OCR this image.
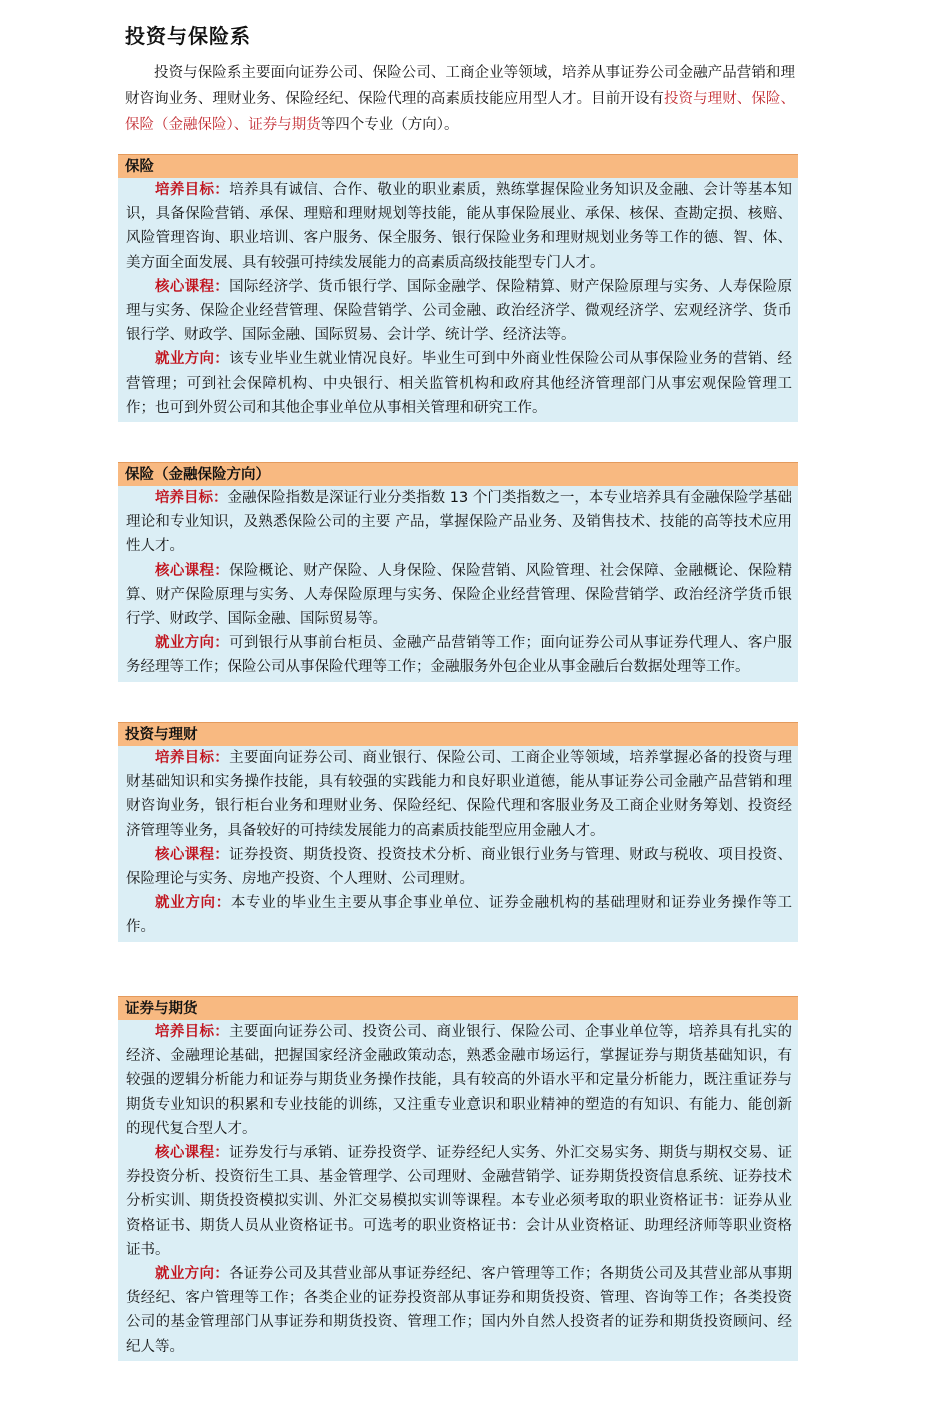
投资与保险系

投资与保险系主要面向证券公司、保险公司、工商企业等领域，培养从事证券公司金融产品营销和理财咨询业务、理财业务、保险经纪、保险代理的高素质技能应用型人才。目前开设有投资与理财、保险、保险（金融保险）、证券与期货等四个专业（方向）。

保险

培养目标：培养具有诚信、合作、敬业的职业素质，熟练掌握保险业务知识及金融、会计等基本知识，具备保险营销、承保、理赔和理财规划等技能，能从事保险展业、承保、核保、查勘定损、核赔、风险管理咨询、职业培训、客户服务、保全服务、银行保险业务和理财规划业务等工作的德、智、体、美方面全面发展、具有较强可持续发展能力的高素质高级技能型专门人才。

核心课程：国际经济学、货币银行学、国际金融学、保险精算、财产保险原理与实务、人寿保险原理与实务、保险企业经营管理、保险营销学、公司金融、政治经济学、微观经济学、宏观经济学、货币银行学、财政学、国际金融、国际贸易、会计学、统计学、经济法等。

就业方向：该专业毕业生就业情况良好。毕业生可到中外商业性保险公司从事保险业务的营销、经营管理；可到社会保障机构、中央银行、相关监管机构和政府其他经济管理部门从事宏观保险管理工作；也可到外贸公司和其他企事业单位从事相关管理和研究工作。

保险（金融保险方向）

培养目标：金融保险指数是深证行业分类指数 13 个门类指数之一，本专业培养具有金融保险学基础理论和专业知识，及熟悉保险公司的主要 产品，掌握保险产品业务、及销售技术、技能的高等技术应用性人才。

核心课程：保险概论、财产保险、人身保险、保险营销、风险管理、社会保障、金融概论、保险精算、财产保险原理与实务、人寿保险原理与实务、保险企业经营管理、保险营销学、政治经济学货币银行学、财政学、国际金融、国际贸易等。

就业方向：可到银行从事前台柜员、金融产品营销等工作；面向证券公司从事证券代理人、客户服务经理等工作；保险公司从事保险代理等工作；金融服务外包企业从事金融后台数据处理等工作。

投资与理财

培养目标：主要面向证券公司、商业银行、保险公司、工商企业等领域，培养掌握必备的投资与理财基础知识和实务操作技能，具有较强的实践能力和良好职业道德，能从事证券公司金融产品营销和理财咨询业务，银行柜台业务和理财业务、保险经纪、保险代理和客服业务及工商企业财务筹划、投资经济管理等业务，具备较好的可持续发展能力的高素质技能型应用金融人才。

核心课程：证券投资、期货投资、投资技术分析、商业银行业务与管理、财政与税收、项目投资、保险理论与实务、房地产投资、个人理财、公司理财。

就业方向：本专业的毕业生主要从事企事业单位、证券金融机构的基础理财和证券业务操作等工作。

证券与期货

培养目标：主要面向证券公司、投资公司、商业银行、保险公司、企事业单位等，培养具有扎实的经济、金融理论基础，把握国家经济金融政策动态，熟悉金融市场运行，掌握证券与期货基础知识，有较强的逻辑分析能力和证券与期货业务操作技能，具有较高的外语水平和定量分析能力，既注重证券与期货专业知识的积累和专业技能的训练，又注重专业意识和职业精神的塑造的有知识、有能力、能创新的现代复合型人才。

核心课程：证券发行与承销、证券投资学、证券经纪人实务、外汇交易实务、期货与期权交易、证券投资分析、投资衍生工具、基金管理学、公司理财、金融营销学、证券期货投资信息系统、证券技术分析实训、期货投资模拟实训、外汇交易模拟实训等课程。本专业必须考取的职业资格证书：证券从业资格证书、期货人员从业资格证书。可选考的职业资格证书：会计从业资格证、助理经济师等职业资格证书。

就业方向：各证券公司及其营业部从事证券经纪、客户管理等工作；各期货公司及其营业部从事期货经纪、客户管理等工作；各类企业的证券投资部从事证券和期货投资、管理、咨询等工作；各类投资公司的基金管理部门从事证券和期货投资、管理工作；国内外自然人投资者的证券和期货投资顾问、经纪人等。
